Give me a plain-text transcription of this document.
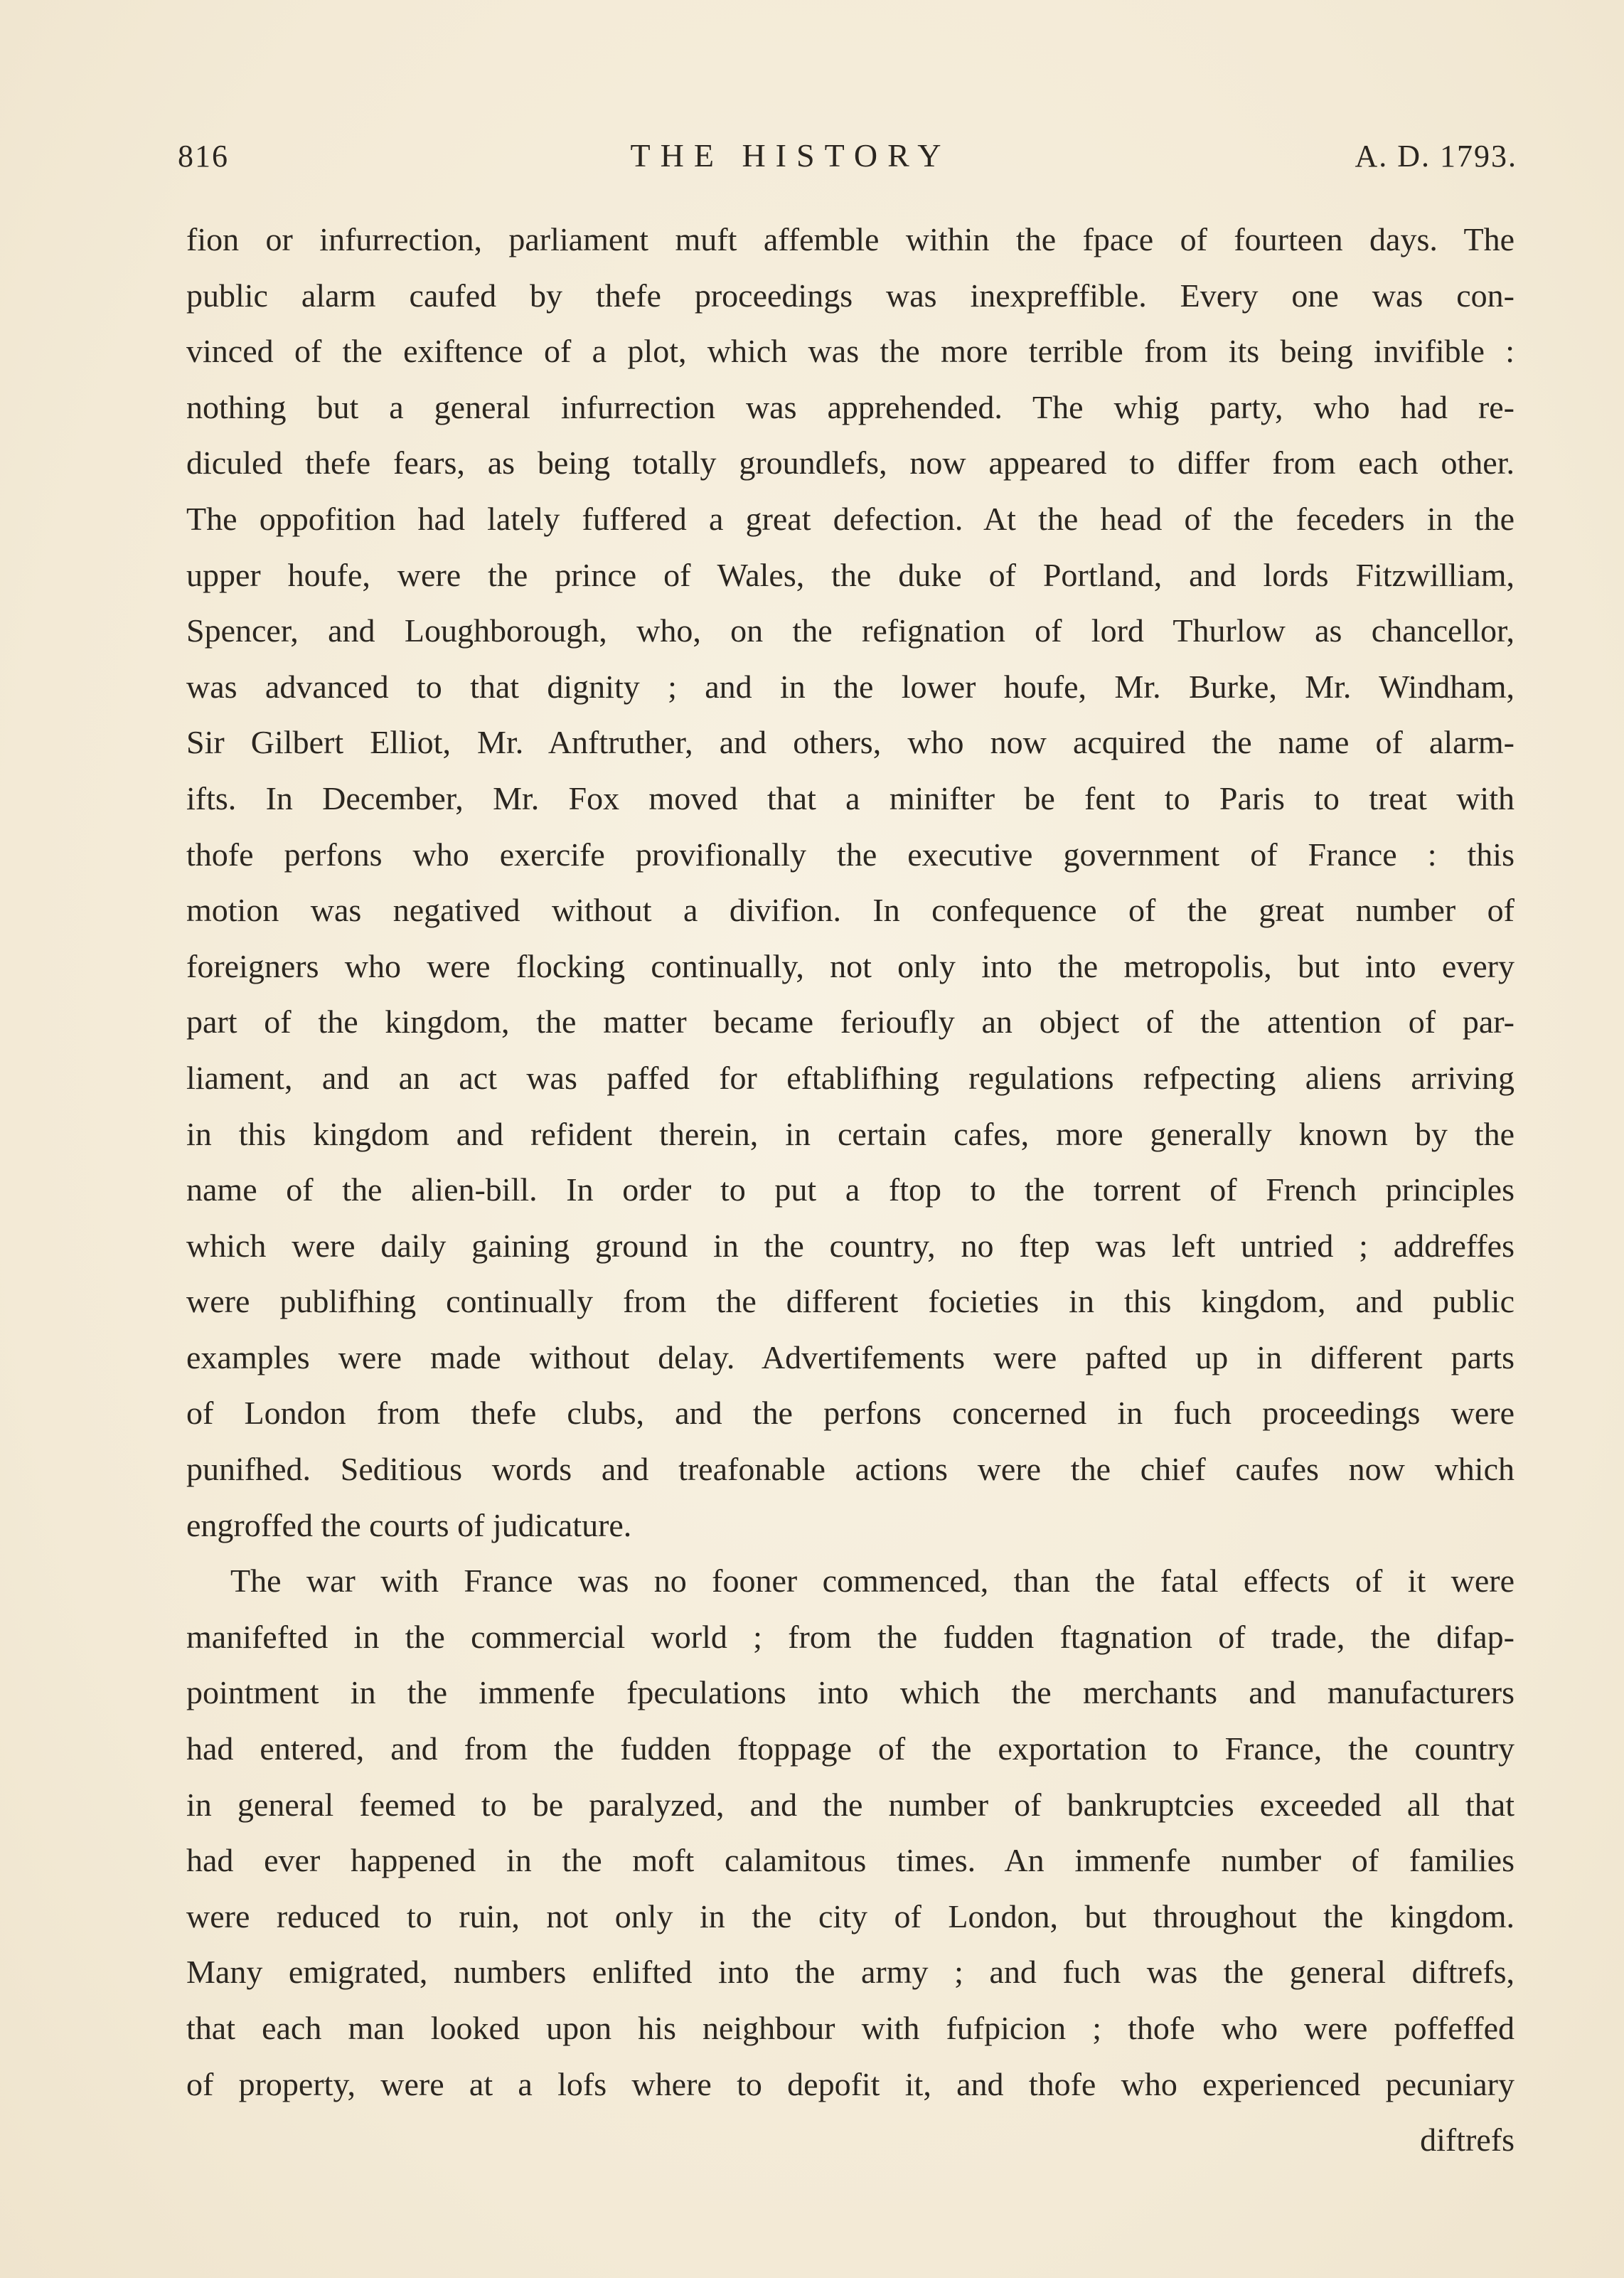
816	THE HISTORY	A. D. 1793.
fion or infurrection, parliament muft affemble within the fpace of fourteen days. The
public alarm caufed by thefe proceedings was inexpreffible. Every one was con-
vinced of the exiftence of a plot, which was the more terrible from its being invifible :
nothing but a general infurrection was apprehended. The whig party, who had re-
diculed thefe fears, as being totally groundlefs, now appeared to differ from each other.
The oppofition had lately fuffered a great defection. At the head of the feceders in the
upper houfe, were the prince of Wales, the duke of Portland, and lords Fitzwilliam,
Spencer, and Loughborough, who, on the refignation of lord Thurlow as chancellor,
was advanced to that dignity ; and in the lower houfe, Mr. Burke, Mr. Windham,
Sir Gilbert Elliot, Mr. Anftruther, and others, who now acquired the name of alarm-
ifts. In December, Mr. Fox moved that a minifter be fent to Paris to treat with
thofe perfons who exercife provifionally the executive government of France : this
motion was negatived without a divifion. In confequence of the great number of
foreigners who were flocking continually, not only into the metropolis, but into every
part of the kingdom, the matter became ferioufly an object of the attention of par-
liament, and an act was paffed for eftablifhing regulations refpecting aliens arriving
in this kingdom and refident therein, in certain cafes, more generally known by the
name of the alien-bill. In order to put a ftop to the torrent of French principles
which were daily gaining ground in the country, no ftep was left untried ; addreffes
were publifhing continually from the different focieties in this kingdom, and public
examples were made without delay. Advertifements were pafted up in different parts
of London from thefe clubs, and the perfons concerned in fuch proceedings were
punifhed. Seditious words and treafonable actions were the chief caufes now which
engroffed the courts of judicature.
The war with France was no fooner commenced, than the fatal effects of it were
manifefted in the commercial world ; from the fudden ftagnation of trade, the difap-
pointment in the immenfe fpeculations into which the merchants and manufacturers
had entered, and from the fudden ftoppage of the exportation to France, the country
in general feemed to be paralyzed, and the number of bankruptcies exceeded all that
had ever happened in the moft calamitous times. An immenfe number of families
were reduced to ruin, not only in the city of London, but throughout the kingdom.
Many emigrated, numbers enlifted into the army ; and fuch was the general diftrefs,
that each man looked upon his neighbour with fufpicion ; thofe who were poffeffed
of property, were at a lofs where to depofit it, and thofe who experienced pecuniary
diftrefs
